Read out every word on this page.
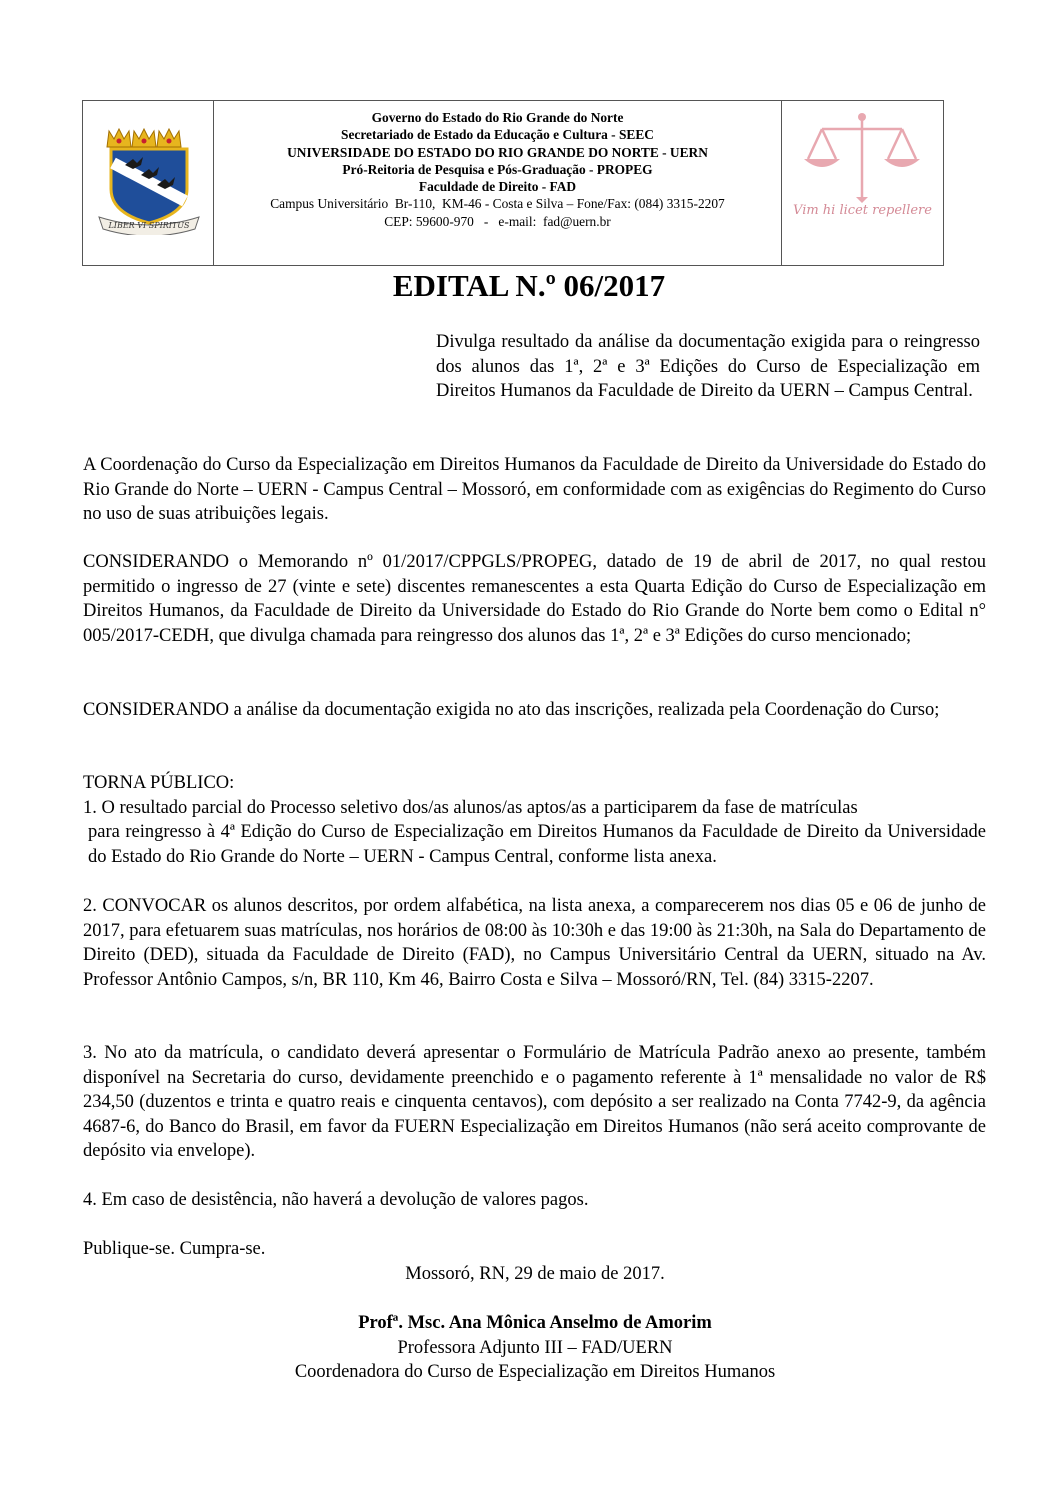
LIBER VI SPIRITUS
Governo do Estado do Rio Grande do Norte
Secretariado de Estado da Educação e Cultura - SEEC
UNIVERSIDADE DO ESTADO DO RIO GRANDE DO NORTE - UERN
Pró-Reitoria de Pesquisa e Pós-Graduação - PROPEG
Faculdade de Direito - FAD
Campus Universitário  Br-110,  KM-46 - Costa e Silva – Fone/Fax: (084) 3315-2207
CEP: 59600-970   -   e-mail:  fad@uern.br
Vim hi licet repellere
EDITAL N.º 06/2017
Divulga resultado da análise da documentação exigida para o reingresso dos alunos das 1ª, 2ª e 3ª Edições do Curso de Especialização em Direitos Humanos da Faculdade de Direito da UERN – Campus Central.

A Coordenação do Curso da Especialização em Direitos Humanos da Faculdade de Direito da Universidade do Estado do Rio Grande do Norte – UERN - Campus Central – Mossoró, em conformidade com as exigências do Regimento do Curso no uso de suas atribuições legais.

CONSIDERANDO o Memorando nº 01/2017/CPPGLS/PROPEG, datado de 19 de abril de 2017, no qual restou permitido o ingresso de 27 (vinte e sete) discentes remanescentes a esta Quarta Edição do Curso de Especialização em Direitos Humanos, da Faculdade de Direito da Universidade do Estado do Rio Grande do Norte bem como o Edital n° 005/2017-CEDH, que divulga chamada para reingresso dos alunos das 1ª, 2ª e 3ª Edições do curso mencionado;

CONSIDERANDO a análise da documentação exigida no ato das inscrições, realizada pela Coordenação do Curso;

TORNA PÚBLICO:

1. O resultado parcial do Processo seletivo dos/as alunos/as aptos/as a participarem da fase de matrículas

para reingresso à 4ª Edição do Curso de Especialização em Direitos Humanos da Faculdade de Direito da Universidade do Estado do Rio Grande do Norte – UERN - Campus Central, conforme lista anexa.

2. CONVOCAR os alunos descritos, por ordem alfabética, na lista anexa, a comparecerem nos dias 05 e 06 de junho de 2017, para efetuarem suas matrículas, nos horários de 08:00 às 10:30h e das 19:00 às 21:30h, na Sala do Departamento de Direito (DED), situada da Faculdade de Direito (FAD), no Campus Universitário Central da UERN, situado na Av. Professor Antônio Campos, s/n, BR 110, Km 46, Bairro Costa e Silva – Mossoró/RN, Tel. (84) 3315-2207.

3. No ato da matrícula, o candidato deverá apresentar o Formulário de Matrícula Padrão anexo ao presente, também disponível na Secretaria do curso, devidamente preenchido e o pagamento referente à 1ª mensalidade no valor de R$ 234,50 (duzentos e trinta e quatro reais e cinquenta centavos), com depósito a ser realizado na Conta 7742-9, da agência 4687-6, do Banco do Brasil, em favor da FUERN Especialização em Direitos Humanos (não será aceito comprovante de depósito via envelope).

4. Em caso de desistência, não haverá a devolução de valores pagos.

Publique-se. Cumpra-se.

Mossoró, RN, 29 de maio de 2017.
Profª. Msc. Ana Mônica Anselmo de Amorim
Professora Adjunto III – FAD/UERN
Coordenadora do Curso de Especialização em Direitos Humanos
